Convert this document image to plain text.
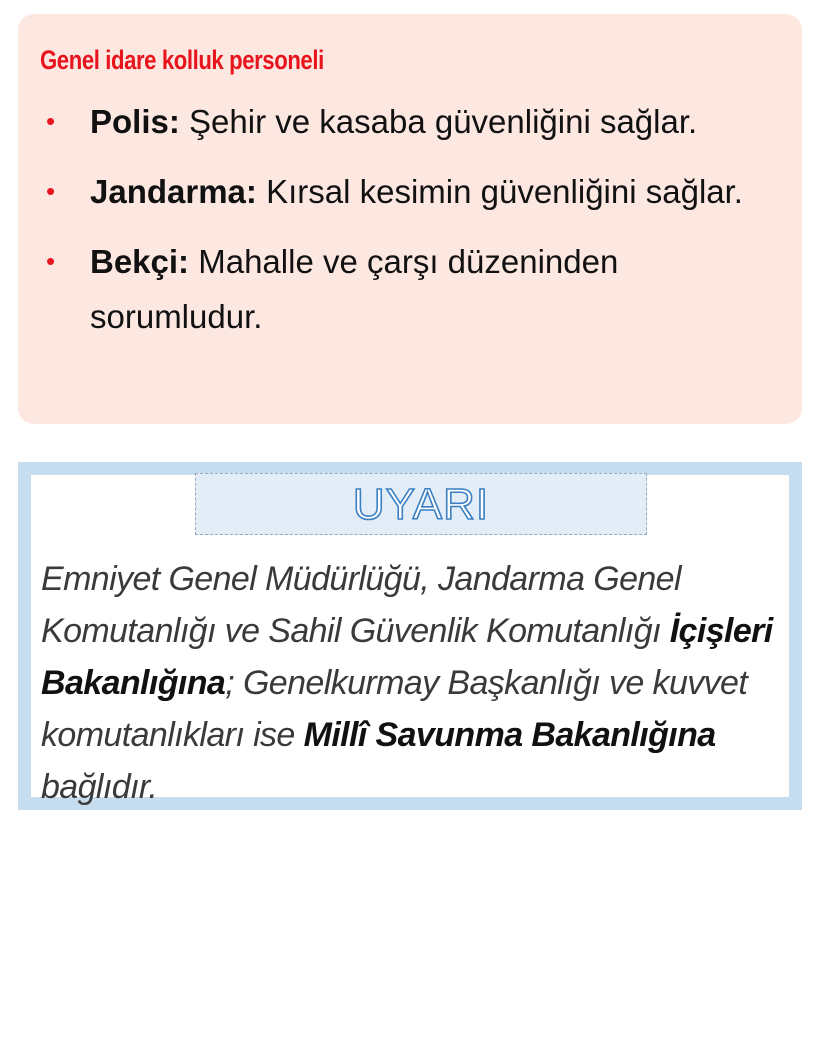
Genel idare kolluk personeli
• Polis: Şehir ve kasaba güvenliğini sağlar.
• Jandarma: Kırsal kesimin güvenliğini sağlar.
• Bekçi: Mahalle ve çarşı düzeninden sorumludur.
UYARI
Emniyet Genel Müdürlüğü, Jandarma Genel Komutanlığı ve Sahil Güvenlik Komutanlığı İçişleri Bakanlığına; Genelkurmay Başkanlığı ve kuvvet komutanlıkları ise Millî Savunma Bakanlığına bağlıdır.
